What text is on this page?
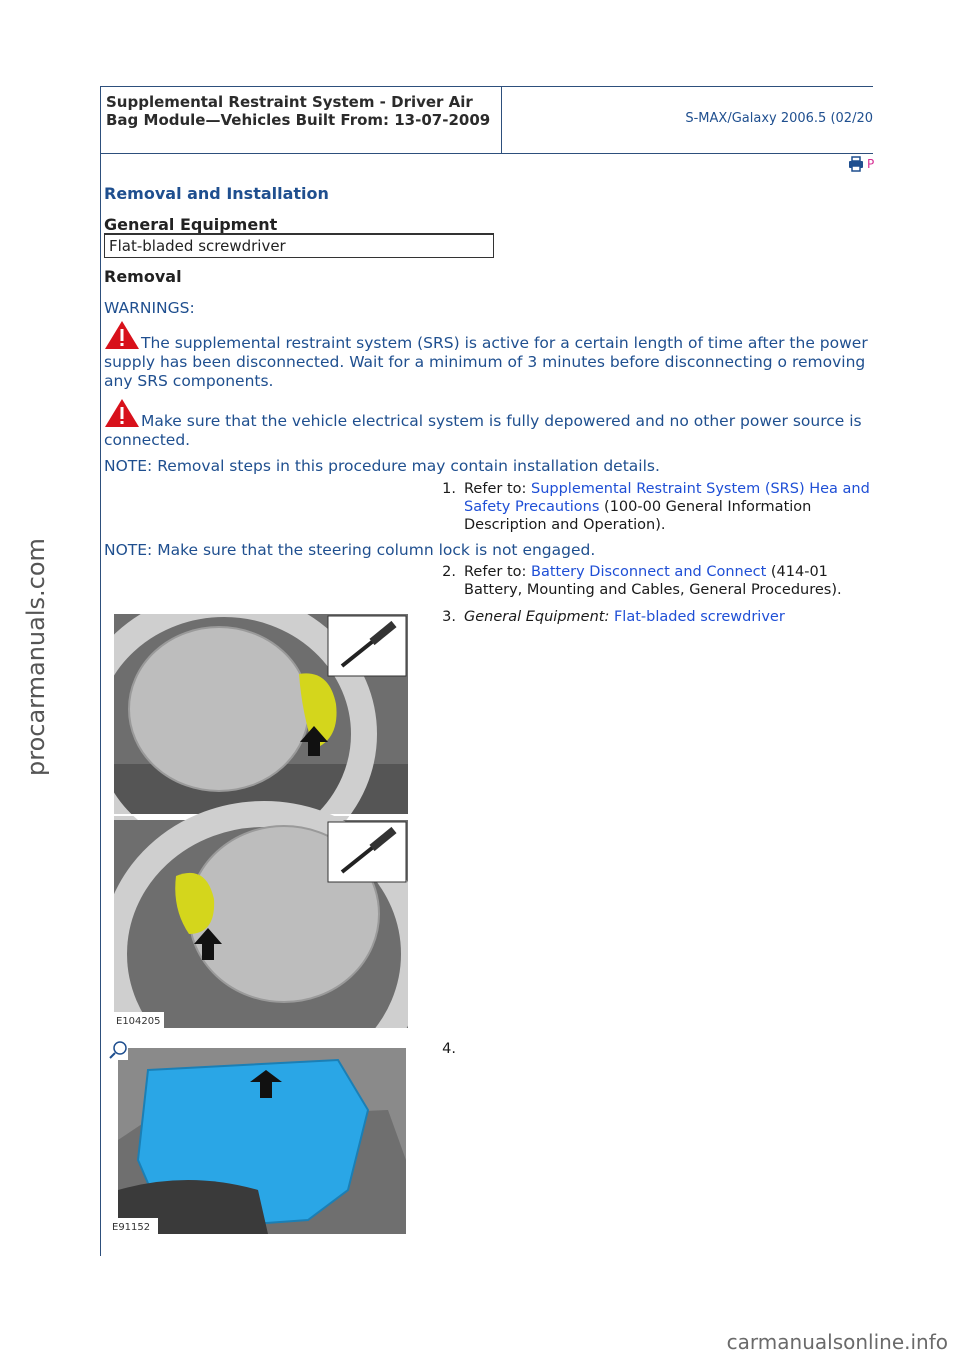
Supplemental Restraint System - Driver Air Bag Module—Vehicles Built From: 13-07-2009	S-MAX/Galaxy 2006.5 (02/20
P
Removal and Installation
General Equipment
Flat-bladed screwdriver
Removal
WARNINGS:
The supplemental restraint system (SRS) is active for a certain length of time after the power supply has been disconnected. Wait for a minimum of 3 minutes before disconnecting o removing any SRS components.
Make sure that the vehicle electrical system is fully depowered and no other power source is connected.
NOTE: Removal steps in this procedure may contain installation details.
1. Refer to: Supplemental Restraint System (SRS) Hea and Safety Precautions (100-00 General Information Description and Operation).
NOTE: Make sure that the steering column lock is not engaged.
2. Refer to: Battery Disconnect and Connect (414-01 Battery, Mounting and Cables, General Procedures).
3. General Equipment: Flat-bladed screwdriver
4.
E104205
E91152
procarmanuals.com
carmanualsonline.info
